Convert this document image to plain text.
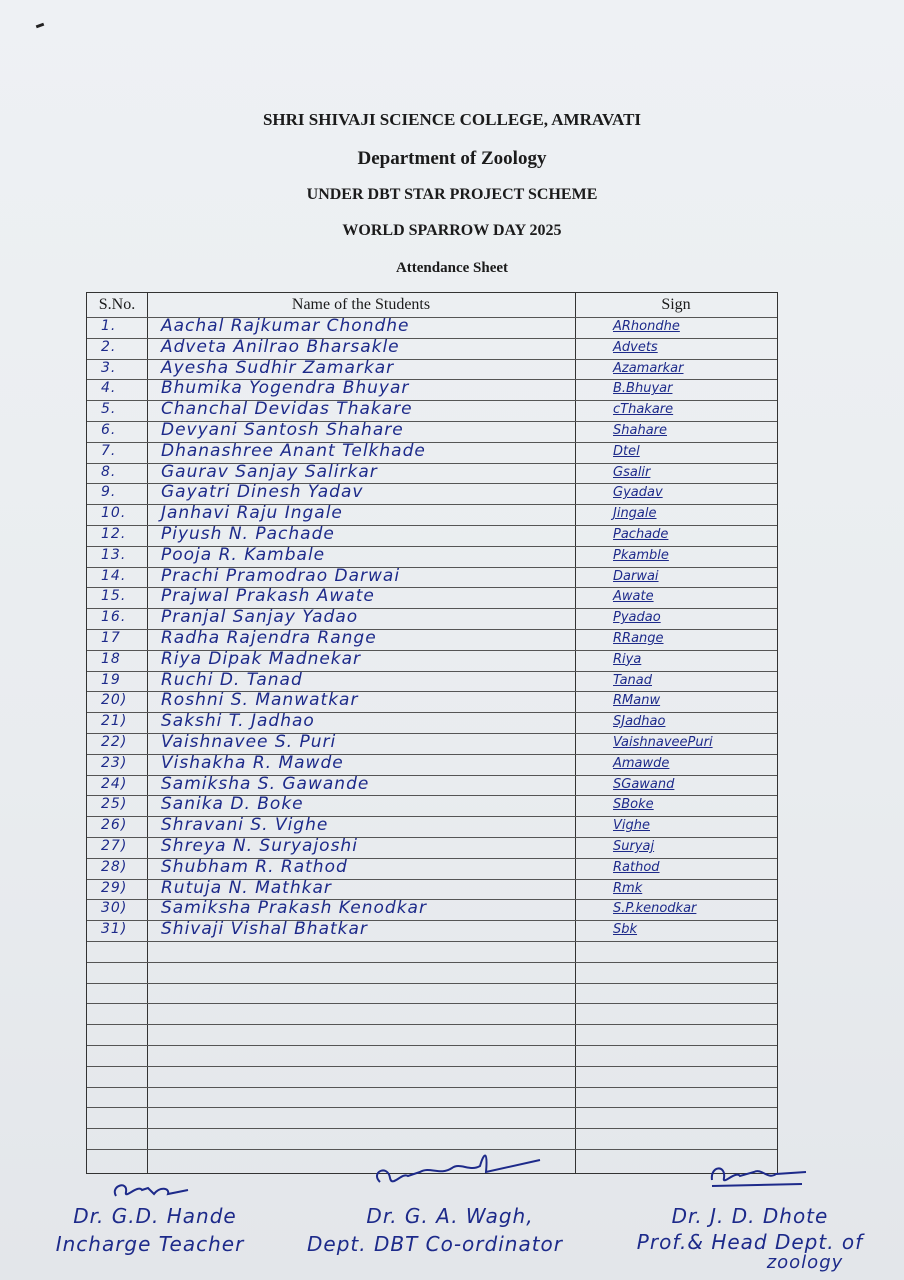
SHRI SHIVAJI SCIENCE COLLEGE, AMRAVATI
Department of Zoology
UNDER DBT STAR PROJECT SCHEME
WORLD SPARROW DAY 2025
Attendance Sheet
S.No.	Name of the Students	Sign
1.	Aachal Rajkumar Chondhe	ARhondhe
2.	Adveta Anilrao Bharsakle	Advets
3.	Ayesha Sudhir Zamarkar	Azamarkar
4.	Bhumika Yogendra Bhuyar	B.Bhuyar
5.	Chanchal Devidas Thakare	cThakare
6.	Devyani Santosh Shahare	Shahare
7.	Dhanashree Anant Telkhade	Dtel
8.	Gaurav Sanjay Salirkar	Gsalir
9.	Gayatri Dinesh Yadav	Gyadav
10. Janhavi Raju Ingale	Jingale
12. Piyush N. Pachade	Pachade
13. Pooja R. Kambale	Pkamble
14. Prachi Pramodrao Darwai	Darwai
15. Prajwal Prakash Awate	Awate
16. Pranjal Sanjay Yadao	Pyadao
17 Radha Rajendra Range	RRange
18 Riya Dipak Madnekar	Riya
19 Ruchi D. Tanad	Tanad
20) Roshni S. Manwatkar	RManw
21) Sakshi T. Jadhao	SJadhao
22) Vaishnavee S. Puri	VaishnaveePuri
23) Vishakha R. Mawde	Amawde
24) Samiksha S. Gawande	SGawand
25) Sanika D. Boke	SBoke
26) Shravani S. Vighe	Vighe
27) Shreya N. Suryajoshi	Suryaj
28) Shubham R. Rathod	Rathod
29) Rutuja N. Mathkar	Rmk
30) Samiksha Prakash Kenodkar	S.P.kenodkar
31) Shivaji Vishal Bhatkar	Sbk
Dr. G.D. Hande
Incharge Teacher
Dr. G. A. Wagh,
Dept. DBT Co-ordinator
Dr. J. D. Dhote
Prof.& Head Dept. of
zoology
